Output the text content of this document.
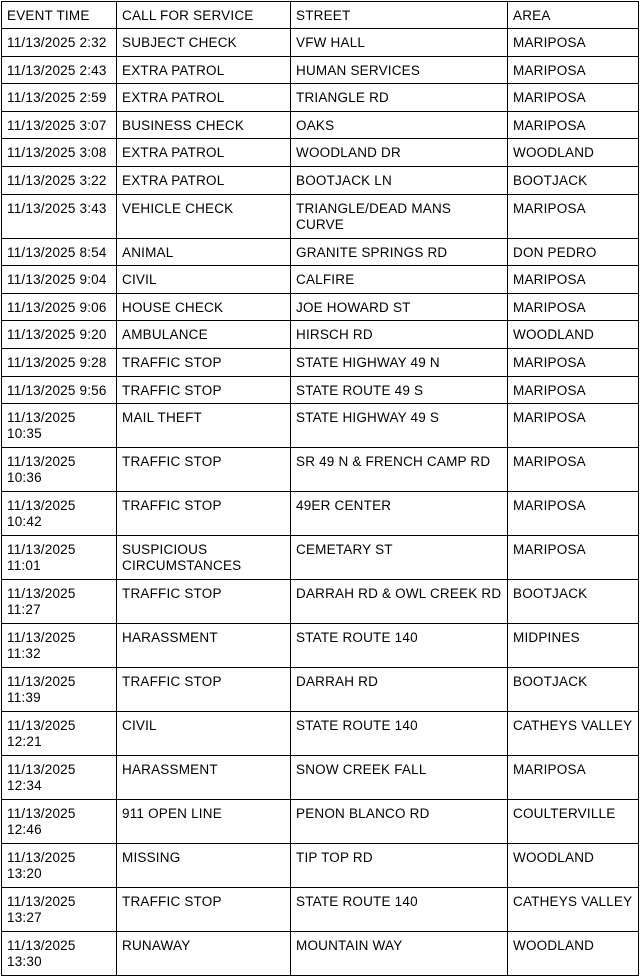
EVENT TIME	CALL FOR SERVICE	STREET	AREA
11/13/2025 2:32	SUBJECT CHECK	VFW HALL	MARIPOSA
11/13/2025 2:43	EXTRA PATROL	HUMAN SERVICES	MARIPOSA
11/13/2025 2:59	EXTRA PATROL	TRIANGLE RD	MARIPOSA
11/13/2025 3:07	BUSINESS CHECK	OAKS	MARIPOSA
11/13/2025 3:08	EXTRA PATROL	WOODLAND DR	WOODLAND
11/13/2025 3:22	EXTRA PATROL	BOOTJACK LN	BOOTJACK
11/13/2025 3:43	VEHICLE CHECK	TRIANGLE/DEAD MANS CURVE	MARIPOSA
11/13/2025 8:54	ANIMAL	GRANITE SPRINGS RD	DON PEDRO
11/13/2025 9:04	CIVIL	CALFIRE	MARIPOSA
11/13/2025 9:06	HOUSE CHECK	JOE HOWARD ST	MARIPOSA
11/13/2025 9:20	AMBULANCE	HIRSCH RD	WOODLAND
11/13/2025 9:28	TRAFFIC STOP	STATE HIGHWAY 49 N	MARIPOSA
11/13/2025 9:56	TRAFFIC STOP	STATE ROUTE 49 S	MARIPOSA
11/13/2025 10:35	MAIL THEFT	STATE HIGHWAY 49 S	MARIPOSA
11/13/2025 10:36	TRAFFIC STOP	SR 49 N & FRENCH CAMP RD	MARIPOSA
11/13/2025 10:42	TRAFFIC STOP	49ER CENTER	MARIPOSA
11/13/2025 11:01	SUSPICIOUS CIRCUMSTANCES	CEMETARY ST	MARIPOSA
11/13/2025 11:27	TRAFFIC STOP	DARRAH RD & OWL CREEK RD	BOOTJACK
11/13/2025 11:32	HARASSMENT	STATE ROUTE 140	MIDPINES
11/13/2025 11:39	TRAFFIC STOP	DARRAH RD	BOOTJACK
11/13/2025 12:21	CIVIL	STATE ROUTE 140	CATHEYS VALLEY
11/13/2025 12:34	HARASSMENT	SNOW CREEK FALL	MARIPOSA
11/13/2025 12:46	911 OPEN LINE	PENON BLANCO RD	COULTERVILLE
11/13/2025 13:20	MISSING	TIP TOP RD	WOODLAND
11/13/2025 13:27	TRAFFIC STOP	STATE ROUTE 140	CATHEYS VALLEY
11/13/2025 13:30	RUNAWAY	MOUNTAIN WAY	WOODLAND
